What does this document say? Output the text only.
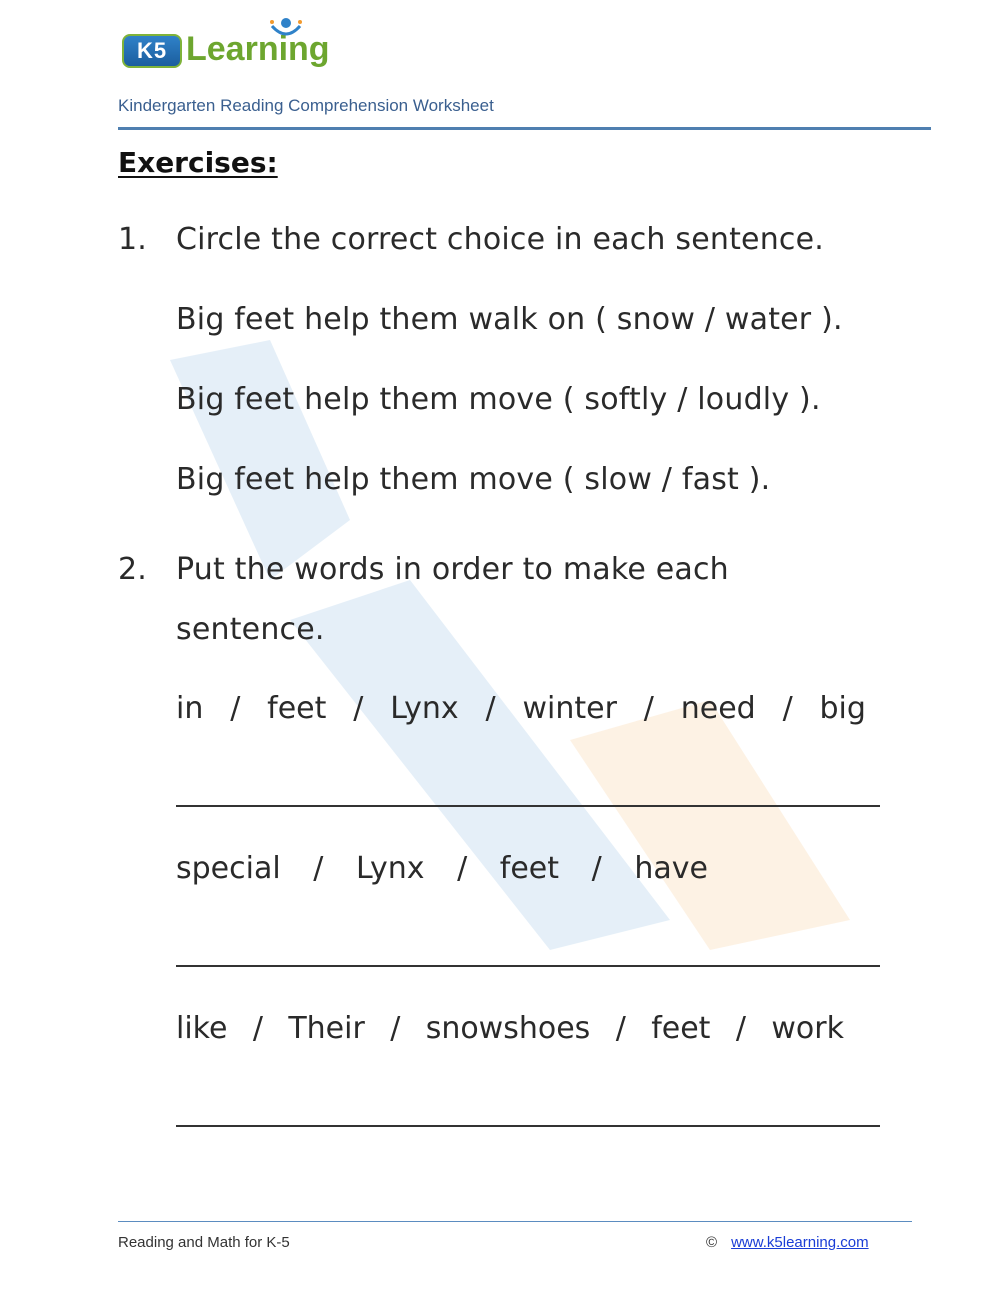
K5 Learning
Kindergarten Reading Comprehension Worksheet
Exercises:
1. Circle the correct choice in each sentence.
Big feet help them walk on ( snow / water ).
Big feet help them move ( softly / loudly ).
Big feet help them move ( slow / fast ).
2. Put the words in order to make each
sentence.
in / feet / Lynx / winter / need / big
special / Lynx / feet / have
like / Their / snowshoes / feet / work
Reading and Math for K-5	© www.k5learning.com
